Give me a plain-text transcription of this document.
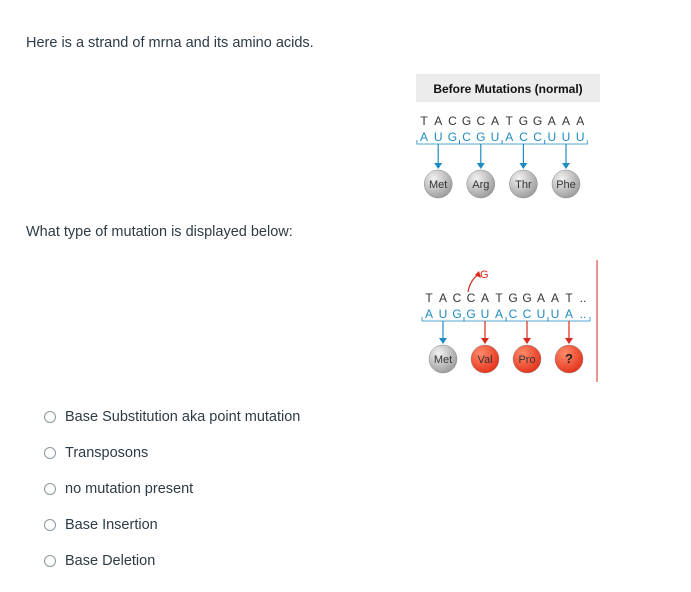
Here is a strand of mrna and its amino acids.
Before Mutations (normal)
T A C G C A T G G A A A
A U G C G U A C C U U U
Met Arg Thr Phe
What type of mutation is displayed below:
G
T A C C A T G G A A T ..
A U G G U A C C U U A ..
Met Val Pro ?
Base Substitution aka point mutation
Transposons
no mutation present
Base Insertion
Base Deletion
